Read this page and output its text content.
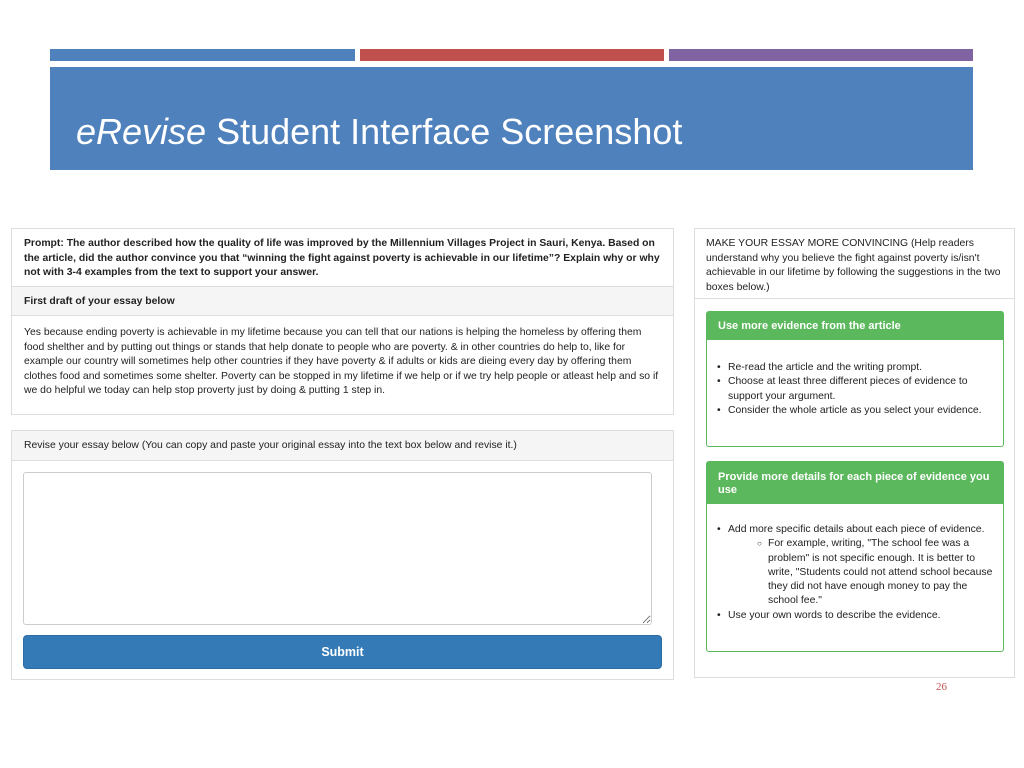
eRevise Student Interface Screenshot
Prompt: The author described how the quality of life was improved by the Millennium Villages Project in Sauri, Kenya. Based on the article, did the author convince you that “winning the fight against poverty is achievable in our lifetime”? Explain why or why not with 3-4 examples from the text to support your answer.
First draft of your essay below
Yes because ending poverty is achievable in my lifetime because you can tell that our nations is helping the homeless by offering them food shelther and by putting out things or stands that help donate to people who are poverty. & in other countries do help to, like for example our country will sometimes help other countries if they have poverty & if adults or kids are dieing every day by offering them clothes food and sometimes some shelter. Poverty can be stopped in my lifetime if we help or if we try help people or atleast help and so if we do helpful we today can help stop proverty just by doing & putting 1 step in.
Revise your essay below (You can copy and paste your original essay into the text box below and revise it.)
Submit
MAKE YOUR ESSAY MORE CONVINCING (Help readers understand why you believe the fight against poverty is/isn't achievable in our lifetime by following the suggestions in the two boxes below.)
Use more evidence from the article
• Re-read the article and the writing prompt.
• Choose at least three different pieces of evidence to support your argument.
• Consider the whole article as you select your evidence.
Provide more details for each piece of evidence you use
• Add more specific details about each piece of evidence.
○ For example, writing, "The school fee was a problem" is not specific enough. It is better to write, "Students could not attend school because they did not have enough money to pay the school fee."
• Use your own words to describe the evidence.
26
